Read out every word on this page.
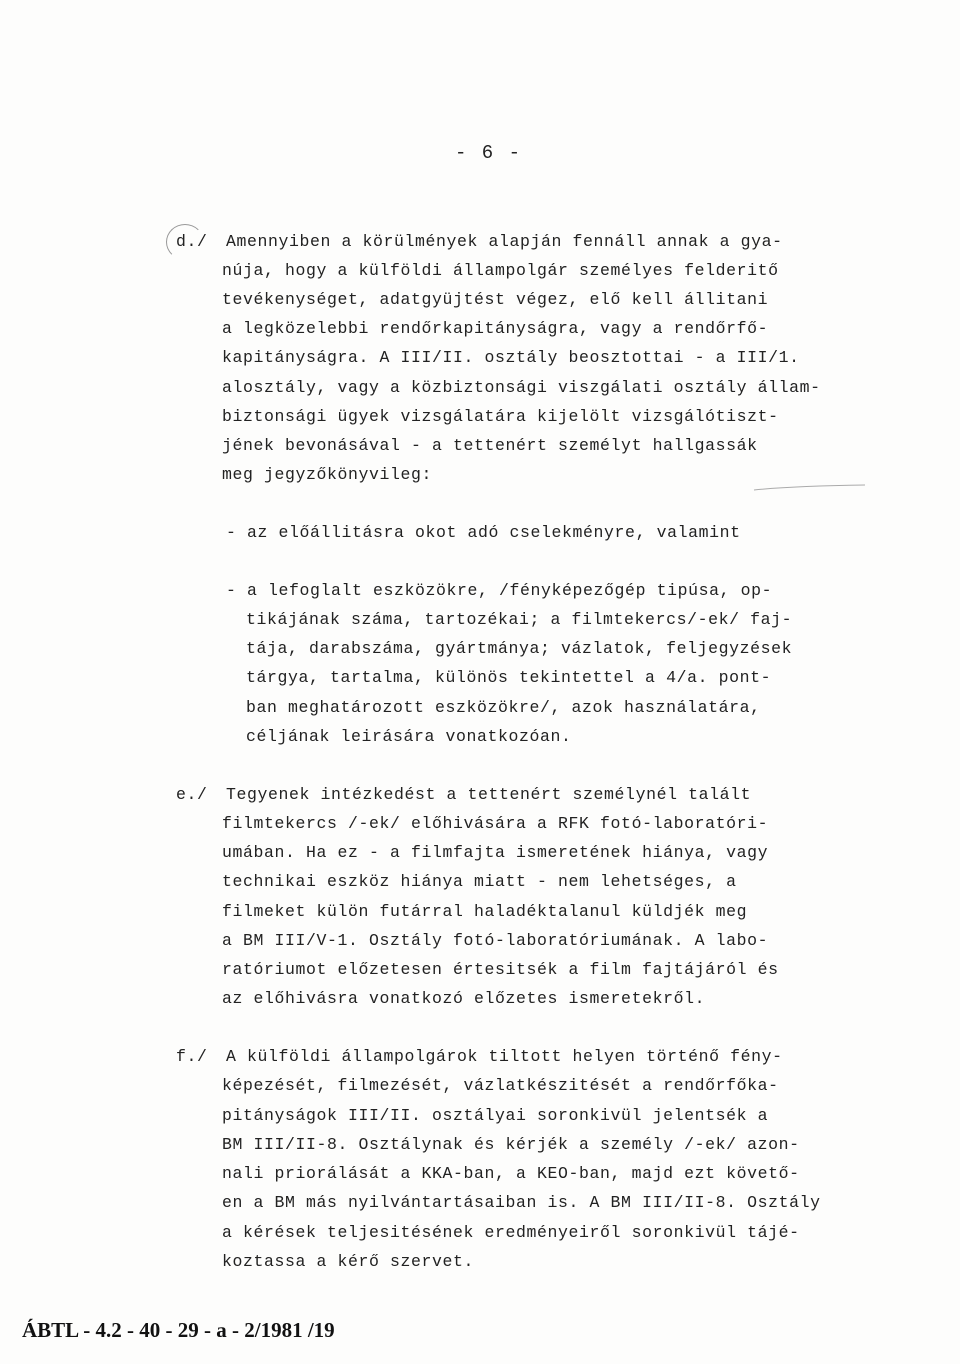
- 6 -
d./ Amennyiben a körülmények alapján fennáll annak a gya-
núja, hogy a külföldi állampolgár személyes felderitő
tevékenységet, adatgyüjtést végez, elő kell állitani
a legközelebbi rendőrkapitányságra, vagy a rendőrfő-
kapitányságra. A III/II. osztály beosztottai - a III/1.
alosztály, vagy a közbiztonsági viszgálati osztály állam-
biztonsági ügyek vizsgálatára kijelölt vizsgálótiszt-
jének bevonásával - a tettenért személyt hallgassák
meg jegyzőkönyvileg:
- az előállitásra okot adó cselekményre, valamint
- a lefoglalt eszközökre, /fényképezőgép tipúsa, op-
tikájának száma, tartozékai; a filmtekercs/-ek/ faj-
tája, darabszáma, gyártmánya; vázlatok, feljegyzések
tárgya, tartalma, különös tekintettel a 4/a. pont-
ban meghatározott eszközökre/, azok használatára,
céljának leirására vonatkozóan.
e./ Tegyenek intézkedést a tettenért személynél talált
filmtekercs /-ek/ előhivására a RFK fotó-laboratóri-
umában. Ha ez - a filmfajta ismeretének hiánya, vagy
technikai eszköz hiánya miatt - nem lehetséges, a
filmeket külön futárral haladéktalanul küldjék meg
a BM III/V-1. Osztály fotó-laboratóriumának. A labo-
ratóriumot előzetesen értesitsék a film fajtájáról és
az előhivásra vonatkozó előzetes ismeretekről.
f./ A külföldi állampolgárok tiltott helyen történő fény-
képezését, filmezését, vázlatkészitését a rendőrfőka-
pitányságok III/II. osztályai soronkivül jelentsék a
BM III/II-8. Osztálynak és kérjék a személy /-ek/ azon-
nali priorálását a KKA-ban, a KEO-ban, majd ezt követő-
en a BM más nyilvántartásaiban is. A BM III/II-8. Osztály
a kérések teljesitésének eredményeiről soronkivül tájé-
koztassa a kérő szervet.
ÁBTL - 4.2 - 40 - 29 - a - 2/1981 /19
